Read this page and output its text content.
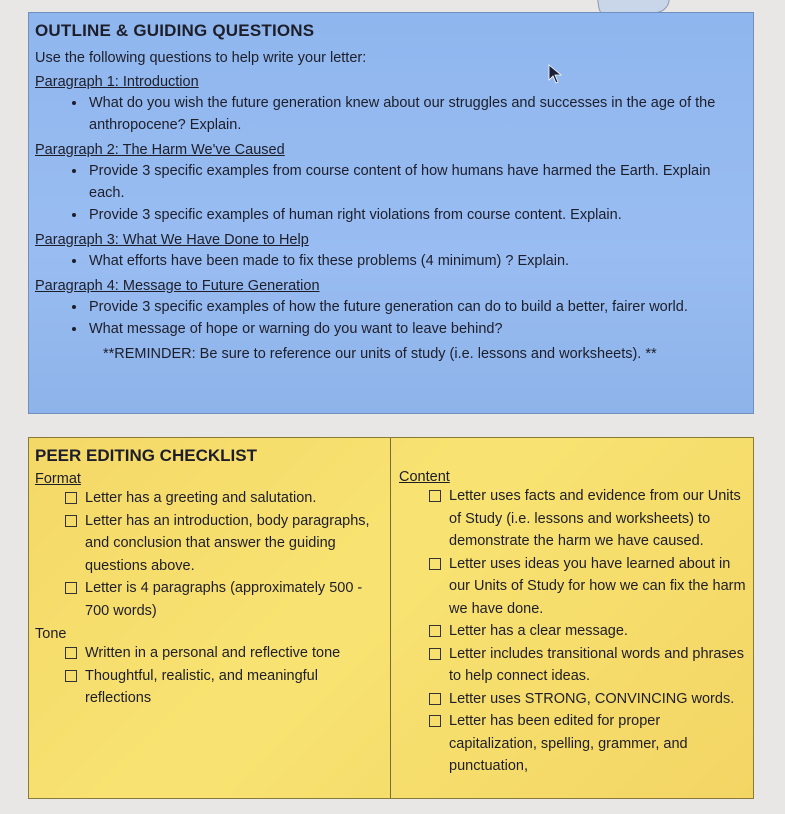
OUTLINE & GUIDING QUESTIONS
Use the following questions to help write your letter:
Paragraph 1: Introduction
• What do you wish the future generation knew about our struggles and successes in the age of the anthropocene? Explain.
Paragraph 2: The Harm We've Caused
• Provide 3 specific examples from course content of how humans have harmed the Earth. Explain each.
• Provide 3 specific examples of human right violations from course content. Explain.
Paragraph 3: What We Have Done to Help
• What efforts have been made to fix these problems (4 minimum) ? Explain.
Paragraph 4: Message to Future Generation
• Provide 3 specific examples of how the future generation can do to build a better, fairer world.
• What message of hope or warning do you want to leave behind?
**REMINDER: Be sure to reference our units of study (i.e. lessons and worksheets). **
PEER EDITING CHECKLIST
Format
Letter has a greeting and salutation.
Letter has an introduction, body paragraphs, and conclusion that answer the guiding questions above.
Letter is 4 paragraphs (approximately 500 - 700 words)
Tone
Written in a personal and reflective tone
Thoughtful, realistic, and meaningful reflections
Content
Letter uses facts and evidence from our Units of Study (i.e. lessons and worksheets) to demonstrate the harm we have caused.
Letter uses ideas you have learned about in our Units of Study for how we can fix the harm we have done.
Letter has a clear message.
Letter includes transitional words and phrases to help connect ideas.
Letter uses STRONG, CONVINCING words.
Letter has been edited for proper capitalization, spelling, grammer, and punctuation,
